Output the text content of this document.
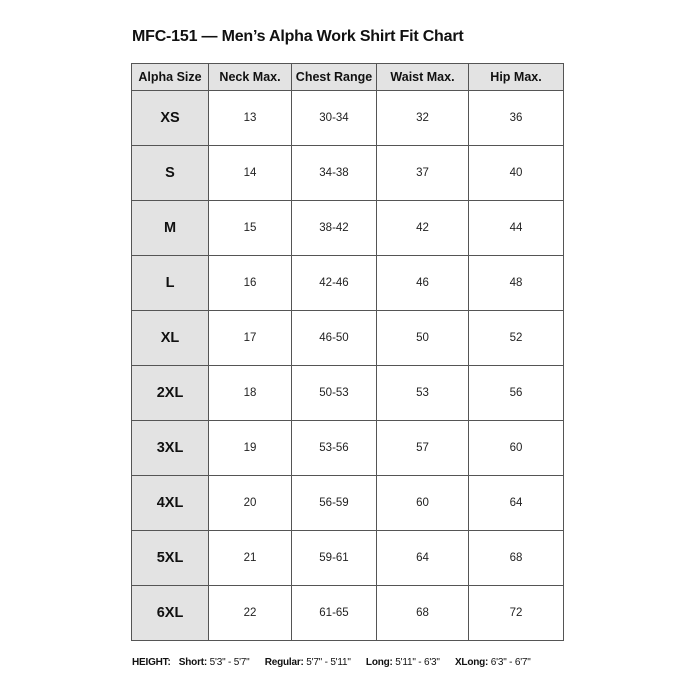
MFC-151 — Men’s Alpha Work Shirt Fit Chart
Alpha Size	Neck Max.	Chest Range	Waist Max.	Hip Max.
XS	13	30-34	32	36
S	14	34-38	37	40
M	15	38-42	42	44
L	16	42-46	46	48
XL	17	46-50	50	52
2XL	18	50-53	53	56
3XL	19	53-56	57	60
4XL	20	56-59	60	64
5XL	21	59-61	64	68
6XL	22	61-65	68	72
HEIGHT: Short: 5'3" - 5'7" Regular: 5'7" - 5'11" Long: 5'11" - 6'3" XLong: 6'3" - 6'7"
